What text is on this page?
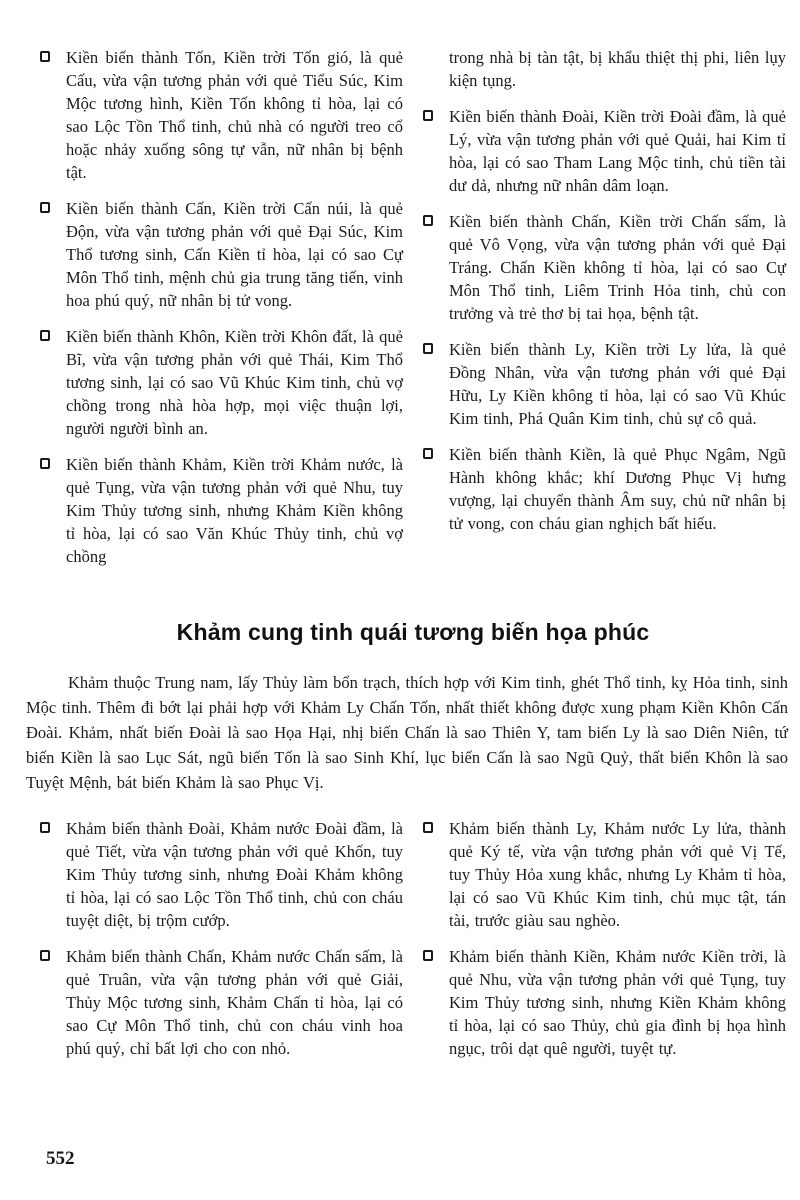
Kiền biến thành Tốn, Kiền trời Tốn gió, là quẻ Cấu, vừa vận tương phản với quẻ Tiểu Súc, Kim Mộc tương hình, Kiền Tốn không tỉ hòa, lại có sao Lộc Tồn Thổ tinh, chủ nhà có người treo cổ hoặc nhảy xuống sông tự vẫn, nữ nhân bị bệnh tật.

Kiền biến thành Cấn, Kiền trời Cấn núi, là quẻ Độn, vừa vận tương phản với quẻ Đại Súc, Kim Thổ tương sinh, Cấn Kiền tỉ hòa, lại có sao Cự Môn Thổ tinh, mệnh chủ gia trung tăng tiến, vinh hoa phú quý, nữ nhân bị tử vong.

Kiền biến thành Khôn, Kiền trời Khôn đất, là quẻ Bĩ, vừa vận tương phản với quẻ Thái, Kim Thổ tương sinh, lại có sao Vũ Khúc Kim tinh, chủ vợ chồng trong nhà hòa hợp, mọi việc thuận lợi, người người bình an.

Kiền biến thành Khảm, Kiền trời Khảm nước, là quẻ Tụng, vừa vận tương phản với quẻ Nhu, tuy Kim Thủy tương sinh, nhưng Khảm Kiền không tỉ hòa, lại có sao Văn Khúc Thủy tinh, chủ vợ chồng

trong nhà bị tàn tật, bị khẩu thiệt thị phi, liên lụy kiện tụng.

Kiền biến thành Đoài, Kiền trời Đoài đầm, là quẻ Lý, vừa vận tương phản với quẻ Quải, hai Kim tỉ hòa, lại có sao Tham Lang Mộc tinh, chủ tiền tài dư dả, nhưng nữ nhân dâm loạn.

Kiền biến thành Chấn, Kiền trời Chấn sấm, là quẻ Vô Vọng, vừa vận tương phản với quẻ Đại Tráng. Chấn Kiền không tỉ hòa, lại có sao Cự Môn Thổ tinh, Liêm Trinh Hỏa tinh, chủ con trưởng và trẻ thơ bị tai họa, bệnh tật.

Kiền biến thành Ly, Kiền trời Ly lửa, là quẻ Đồng Nhân, vừa vận tương phản với quẻ Đại Hữu, Ly Kiền không tỉ hòa, lại có sao Vũ Khúc Kim tinh, Phá Quân Kim tinh, chủ sự cô quả.

Kiền biến thành Kiền, là quẻ Phục Ngâm, Ngũ Hành không khắc; khí Dương Phục Vị hưng vượng, lại chuyển thành Âm suy, chủ nữ nhân bị tử vong, con cháu gian nghịch bất hiếu.

Khảm cung tinh quái tương biến họa phúc

Khảm thuộc Trung nam, lấy Thủy làm bổn trạch, thích hợp với Kim tinh, ghét Thổ tinh, kỵ Hỏa tinh, sinh Mộc tinh. Thêm đi bớt lại phải hợp với Khảm Ly Chấn Tốn, nhất thiết không được xung phạm Kiền Khôn Cấn Đoài. Khảm, nhất biến Đoài là sao Họa Hại, nhị biến Chấn là sao Thiên Y, tam biến Ly là sao Diên Niên, tứ biến Kiền là sao Lục Sát, ngũ biến Tốn là sao Sinh Khí, lục biến Cấn là sao Ngũ Quỷ, thất biến Khôn là sao Tuyệt Mệnh, bát biến Khảm là sao Phục Vị.

Khảm biến thành Đoài, Khảm nước Đoài đầm, là quẻ Tiết, vừa vận tương phản với quẻ Khốn, tuy Kim Thủy tương sinh, nhưng Đoài Khảm không tỉ hòa, lại có sao Lộc Tồn Thổ tinh, chủ con cháu tuyệt diệt, bị trộm cướp.

Khảm biến thành Chấn, Khảm nước Chấn sấm, là quẻ Truân, vừa vận tương phản với quẻ Giải, Thủy Mộc tương sinh, Khảm Chấn tỉ hòa, lại có sao Cự Môn Thổ tinh, chủ con cháu vinh hoa phú quý, chỉ bất lợi cho con nhỏ.

Khảm biến thành Ly, Khảm nước Ly lửa, thành quẻ Ký tế, vừa vận tương phản với quẻ Vị Tế, tuy Thủy Hỏa xung khắc, nhưng Ly Khảm tỉ hòa, lại có sao Vũ Khúc Kim tinh, chủ mục tật, tán tài, trước giàu sau nghèo.

Khảm biến thành Kiền, Khảm nước Kiền trời, là quẻ Nhu, vừa vận tương phản với quẻ Tụng, tuy Kim Thủy tương sinh, nhưng Kiền Khảm không tỉ hòa, lại có sao Thủy, chủ gia đình bị họa hình ngục, trôi dạt quê người, tuyệt tự.

552
